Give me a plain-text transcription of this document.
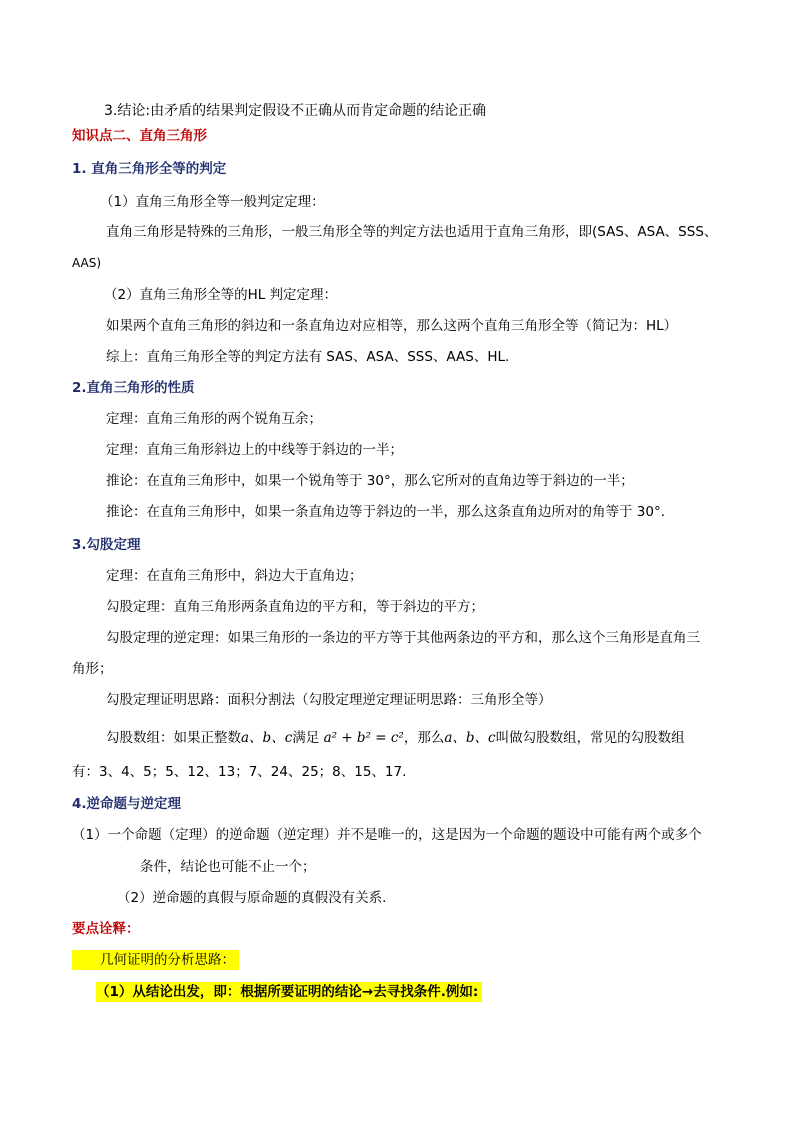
3.结论:由矛盾的结果判定假设不正确从而肯定命题的结论正确
知识点二、直角三角形
1. 直角三角形全等的判定
（1）直角三角形全等一般判定定理：
直角三角形是特殊的三角形，一般三角形全等的判定方法也适用于直角三角形，即(SAS、ASA、SSS、
AAS)
（2）直角三角形全等的HL 判定定理：
如果两个直角三角形的斜边和一条直角边对应相等，那么这两个直角三角形全等（简记为：HL）
综上：直角三角形全等的判定方法有 SAS、ASA、SSS、AAS、HL.
2.直角三角形的性质
定理：直角三角形的两个锐角互余；
定理：直角三角形斜边上的中线等于斜边的一半；
推论：在直角三角形中，如果一个锐角等于 30°，那么它所对的直角边等于斜边的一半；
推论：在直角三角形中，如果一条直角边等于斜边的一半，那么这条直角边所对的角等于 30°．
3.勾股定理
定理：在直角三角形中，斜边大于直角边；
勾股定理：直角三角形两条直角边的平方和，等于斜边的平方；
勾股定理的逆定理：如果三角形的一条边的平方等于其他两条边的平方和，那么这个三角形是直角三
角形；
勾股定理证明思路：面积分割法（勾股定理逆定理证明思路：三角形全等）
勾股数组：如果正整数a、b、c满足 a² + b² = c²，那么a、b、c叫做勾股数组，常见的勾股数组
有：3、4、5；5、12、13；7、24、25；8、15、17.
4.逆命题与逆定理
（1）一个命题（定理）的逆命题（逆定理）并不是唯一的，这是因为一个命题的题设中可能有两个或多个
条件，结论也可能不止一个；
（2）逆命题的真假与原命题的真假没有关系.
要点诠释：
几何证明的分析思路：
（1）从结论出发，即：根据所要证明的结论→去寻找条件.例如:
